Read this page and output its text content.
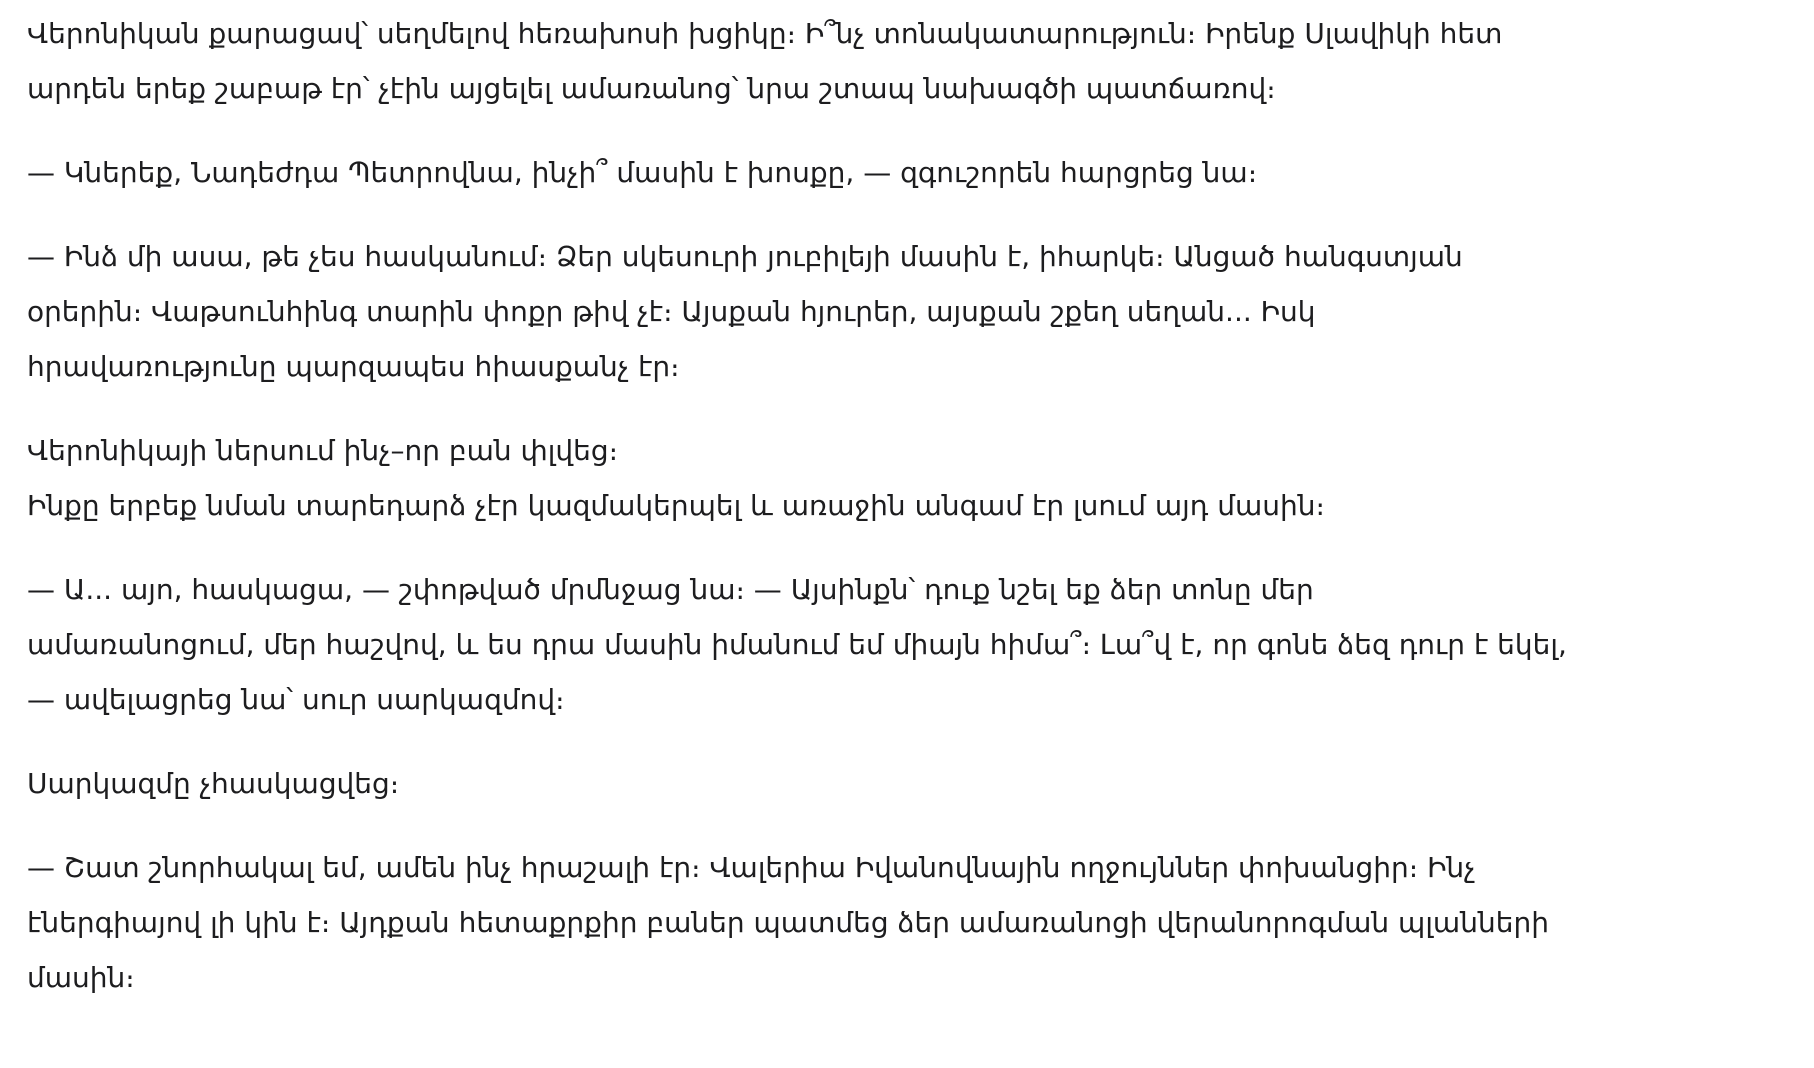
Վերոնիկան քարացավ՝ սեղմելով հեռախոսի խցիկը։ Ի՞նչ տոնակատարություն։ Իրենք Սլավիկի հետ
արդեն երեք շաբաթ էր՝ չէին այցելել ամառանոց՝ նրա շտապ նախագծի պատճառով։
— Կներեք, Նադեժդա Պետրովնա, ինչի՞ մասին է խոսքը, — զգուշորեն հարցրեց նա։
— Ինձ մի ասա, թե չես հասկանում։ Ձեր սկեսուրի յուբիլեյի մասին է, իհարկե։ Անցած հանգստյան
օրերին։ Վաթսունհինգ տարին փոքր թիվ չէ։ Այսքան հյուրեր, այսքան շքեղ սեղան... Իսկ
հրավառությունը պարզապես հիասքանչ էր։
Վերոնիկայի ներսում ինչ–որ բան փլվեց։
Ինքը երբեք նման տարեդարձ չէր կազմակերպել և առաջին անգամ էր լսում այդ մասին։
— Ա... այո, հասկացա, — շփոթված մրմնջաց նա։ — Այսինքն՝ դուք նշել եք ձեր տոնը մեր
ամառանոցում, մեր հաշվով, և ես դրա մասին իմանում եմ միայն հիմա՞։ Լա՞վ է, որ գոնե ձեզ դուր է եկել,
— ավելացրեց նա՝ սուր սարկազմով։
Սարկազմը չհասկացվեց։
— Շատ շնորհակալ եմ, ամեն ինչ հրաշալի էր։ Վալերիա Իվանովնային ողջույններ փոխանցիր։ Ինչ
էներգիայով լի կին է։ Այդքան հետաքրքիր բաներ պատմեց ձեր ամառանոցի վերանորոգման պլանների
մասին։
